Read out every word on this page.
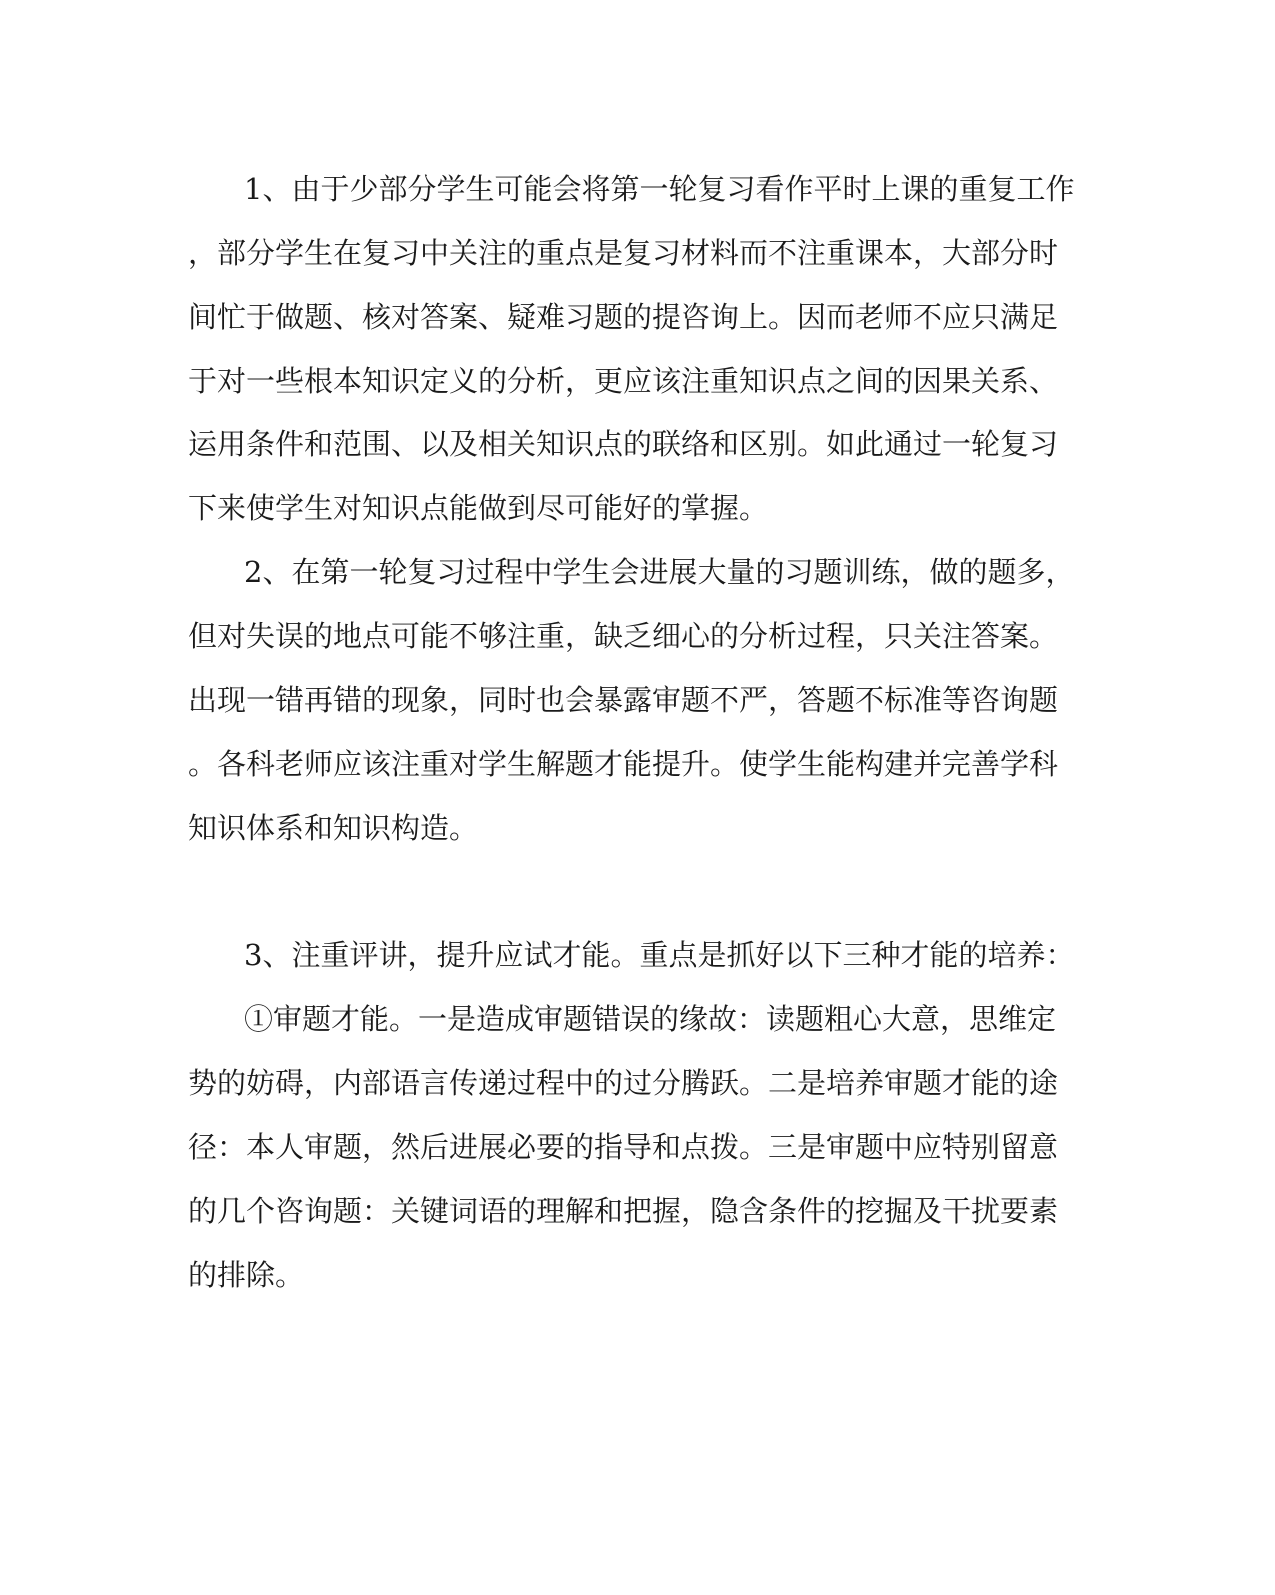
1、由于少部分学生可能会将第一轮复习看作平时上课的重复工作

，部分学生在复习中关注的重点是复习材料而不注重课本，大部分时

间忙于做题、核对答案、疑难习题的提咨询上。因而老师不应只满足

于对一些根本知识定义的分析，更应该注重知识点之间的因果关系、

运用条件和范围、以及相关知识点的联络和区别。如此通过一轮复习

下来使学生对知识点能做到尽可能好的掌握。

2、在第一轮复习过程中学生会进展大量的习题训练，做的题多，

但对失误的地点可能不够注重，缺乏细心的分析过程，只关注答案。

出现一错再错的现象，同时也会暴露审题不严，答题不标准等咨询题

。各科老师应该注重对学生解题才能提升。使学生能构建并完善学科

知识体系和知识构造。

3、注重评讲，提升应试才能。重点是抓好以下三种才能的培养：

①审题才能。一是造成审题错误的缘故：读题粗心大意，思维定

势的妨碍，内部语言传递过程中的过分腾跃。二是培养审题才能的途

径：本人审题，然后进展必要的指导和点拨。三是审题中应特别留意

的几个咨询题：关键词语的理解和把握，隐含条件的挖掘及干扰要素

的排除。
